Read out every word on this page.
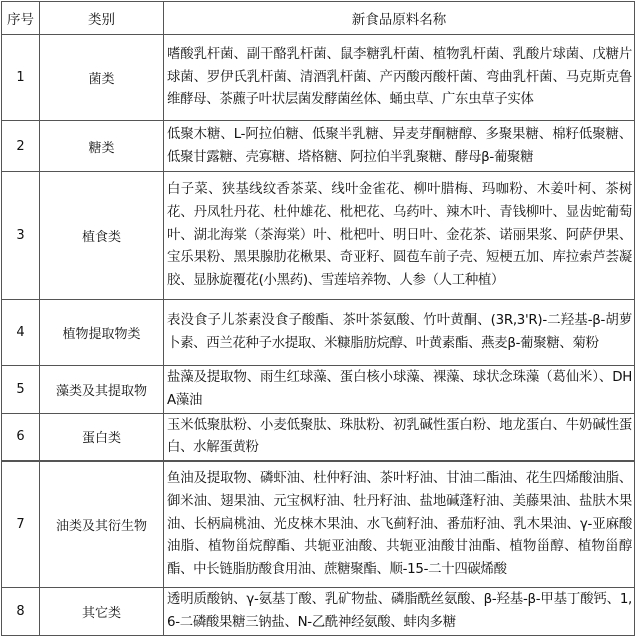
序号	类别	新食品原料名称
1	菌类	嗜酸乳杆菌、副干酪乳杆菌、鼠李糖乳杆菌、植物乳杆菌、乳酸片球菌、戊糖片球菌、罗伊氏乳杆菌、清酒乳杆菌、产丙酸丙酸杆菌、弯曲乳杆菌、马克斯克鲁维酵母、茶藨子叶状层菌发酵菌丝体、蛹虫草、广东虫草子实体
2	糖类	低聚木糖、L-阿拉伯糖、低聚半乳糖、异麦芽酮糖醇、多聚果糖、棉籽低聚糖、低聚甘露糖、壳寡糖、塔格糖、阿拉伯半乳聚糖、酵母β-葡聚糖
3	植食类	白子菜、狭基线纹香茶菜、线叶金雀花、柳叶腊梅、玛咖粉、木姜叶柯、茶树花、丹凤牡丹花、杜仲雄花、枇杷花、乌药叶、辣木叶、青钱柳叶、显齿蛇葡萄叶、湖北海棠（茶海棠）叶、枇杷叶、明日叶、金花茶、诺丽果浆、阿萨伊果、宝乐果粉、黑果腺肋花楸果、奇亚籽、圆苞车前子壳、短梗五加、库拉索芦荟凝胶、显脉旋覆花(小黑药)、雪莲培养物、人参（人工种植）
4	植物提取物类	表没食子儿茶素没食子酸酯、茶叶茶氨酸、竹叶黄酮、(3R,3'R)-二羟基-β-胡萝卜素、西兰花种子水提取、米糠脂肪烷醇、叶黄素酯、燕麦β-葡聚糖、菊粉
5	藻类及其提取物	盐藻及提取物、雨生红球藻、蛋白核小球藻、裸藻、球状念珠藻（葛仙米）、DHA藻油
6	蛋白类	玉米低聚肽粉、小麦低聚肽、珠肽粉、初乳碱性蛋白粉、地龙蛋白、牛奶碱性蛋白、水解蛋黄粉
7	油类及其衍生物	鱼油及提取物、磷虾油、杜仲籽油、茶叶籽油、甘油二酯油、花生四烯酸油脂、御米油、翅果油、元宝枫籽油、牡丹籽油、盐地碱蓬籽油、美藤果油、盐肤木果油、长柄扁桃油、光皮梾木果油、水飞蓟籽油、番茄籽油、乳木果油、γ-亚麻酸油脂、植物甾烷醇酯、共轭亚油酸、共轭亚油酸甘油酯、植物甾醇、植物甾醇酯、中长链脂肪酸食用油、蔗糖聚酯、顺-15-二十四碳烯酸
8	其它类	透明质酸钠、γ-氨基丁酸、乳矿物盐、磷脂酰丝氨酸、β-羟基-β-甲基丁酸钙、1,6-二磷酸果糖三钠盐、N-乙酰神经氨酸、蚌肉多糖
